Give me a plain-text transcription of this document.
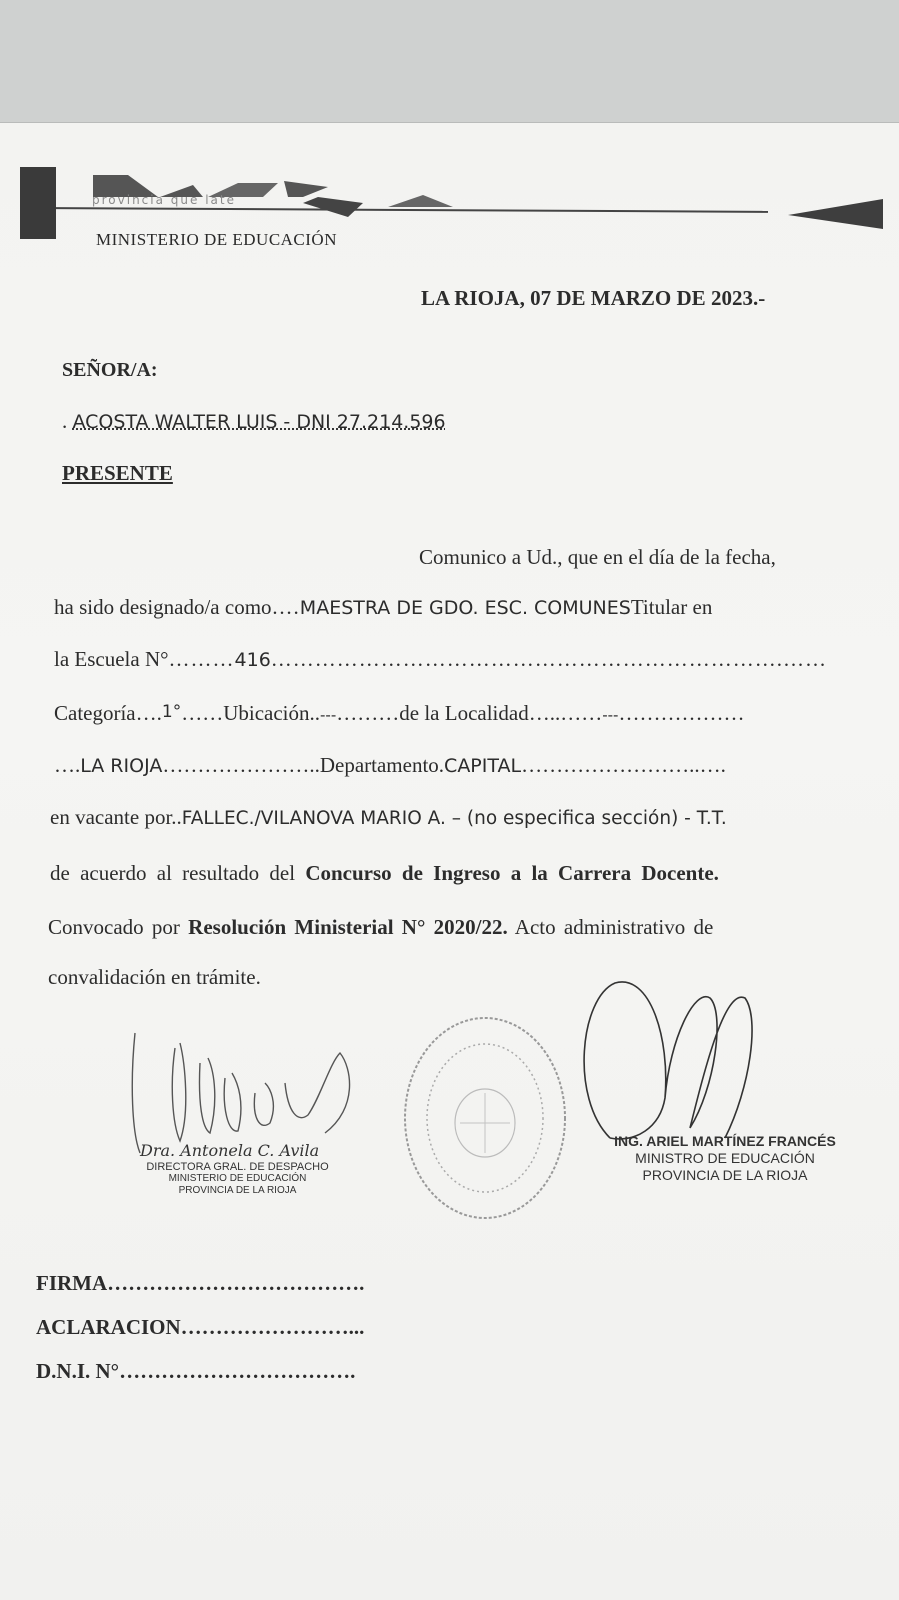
provincia que late
MINISTERIO DE EDUCACIÓN
LA RIOJA, 07 DE MARZO DE 2023.-
SEÑOR/A:
. ACOSTA WALTER LUIS - DNI 27.214.596
PRESENTE
Comunico a Ud., que en el día de la fecha,
ha sido designado/a como….MAESTRA DE GDO. ESC. COMUNESTitular en
la Escuela N°………416…………………………………………………………….……
Categoría….1°……Ubicación..---………de la Localidad…..……---………………
….LA RIOJA…………………..Departamento.CAPITAL……………………..….
en vacante por..FALLEC./VILANOVA MARIO A. – (no especifica sección) - T.T.
de acuerdo al resultado del Concurso de Ingreso a la Carrera Docente.
Convocado por Resolución Ministerial N° 2020/22. Acto administrativo de
convalidación en trámite.
Dra. Antonela C. Avila
DIRECTORA GRAL. DE DESPACHO
MINISTERIO DE EDUCACIÓN
PROVINCIA DE LA RIOJA
ING. ARIEL MARTÍNEZ FRANCÉS
MINISTRO DE EDUCACIÓN
PROVINCIA DE LA RIOJA
FIRMA……………………………….
ACLARACION……………………...
D.N.I. N°…………………………….
